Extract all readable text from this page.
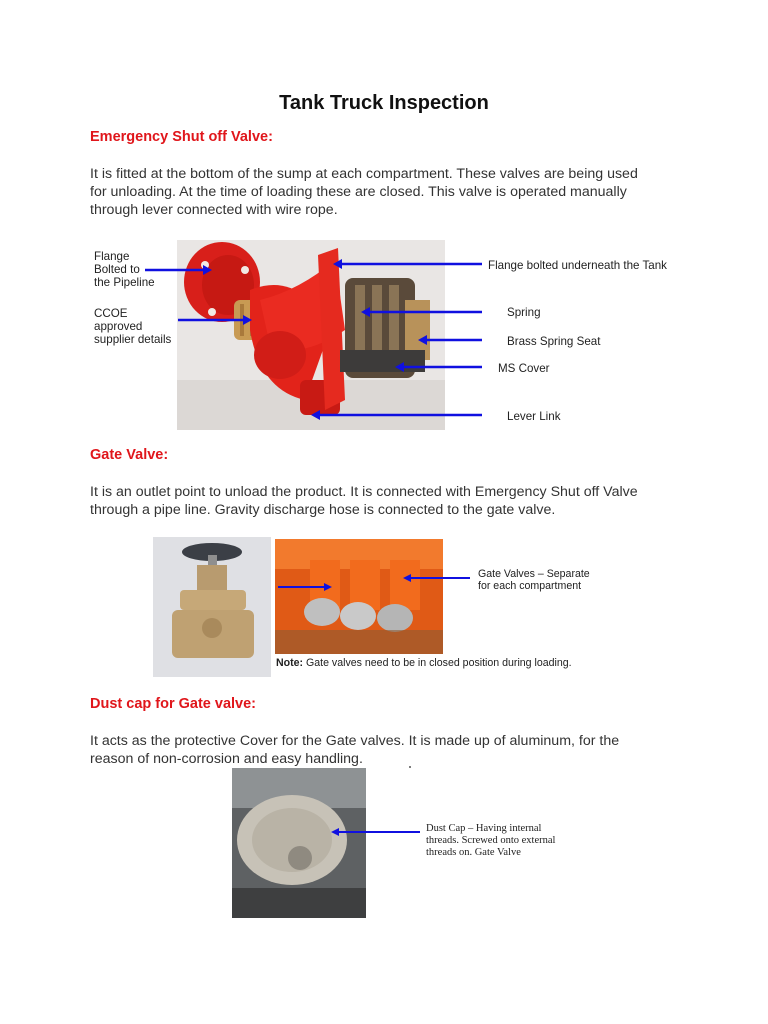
Tank Truck Inspection
Emergency Shut off Valve:
It is fitted at the bottom of the sump at each compartment. These valves are being used
for unloading. At the time of loading these are closed. This valve is operated manually
through lever connected with wire rope.
Flange
Bolted to
the Pipeline
CCOE
approved
supplier details
Flange bolted underneath the Tank
Spring
Brass Spring Seat
MS Cover
Lever Link
Gate Valve:
It is an outlet point to unload the product. It is connected with Emergency Shut off Valve
through a pipe line. Gravity discharge hose is connected to the gate valve.
Gate Valves – Separate
for each compartment
Note: Gate valves need to be in closed position during loading.
Dust cap for Gate valve:
It acts as the protective Cover for the Gate valves. It is made up of aluminum, for the
reason of non-corrosion and easy handling.
Dust Cap – Having internal
threads. Screwed onto external
threads on. Gate Valve
